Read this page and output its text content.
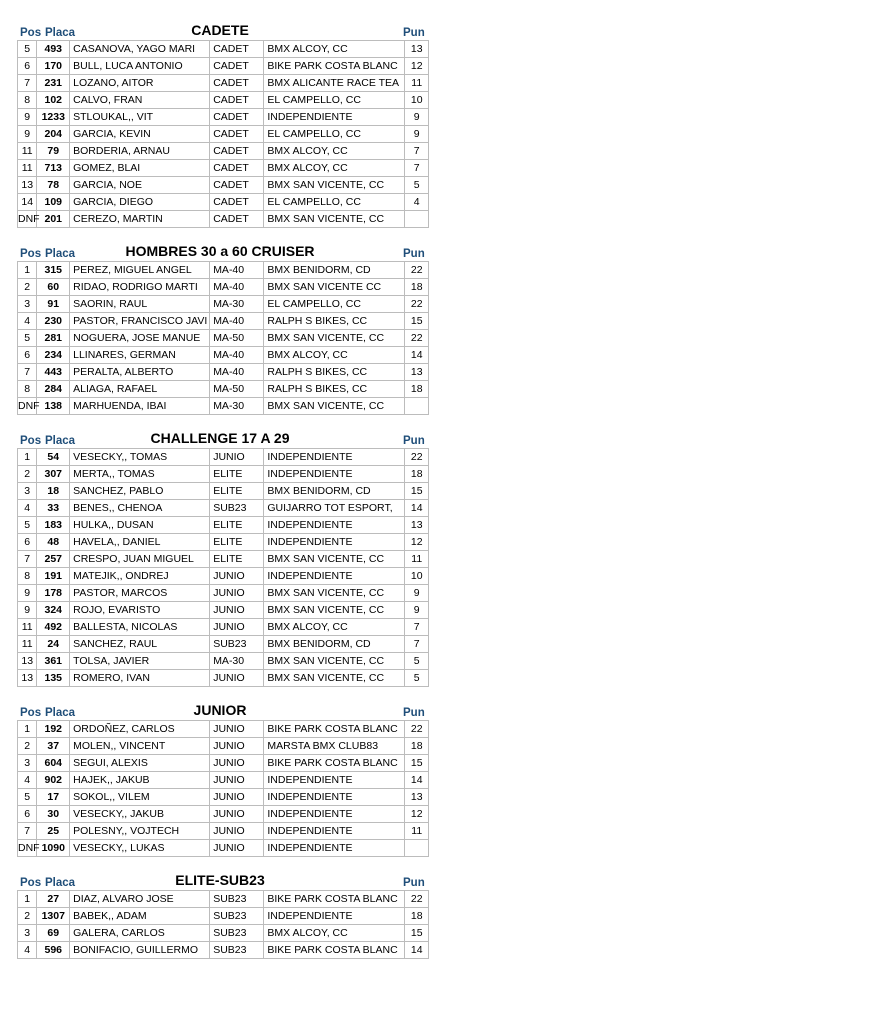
CADETE
Pos Placa	Pun
5	493	CASANOVA, YAGO MARI	CADET	BMX ALCOY, CC	13
6	170	BULL, LUCA ANTONIO	CADET	BIKE PARK COSTA BLANC	12
7	231	LOZANO, AITOR	CADET	BMX ALICANTE RACE TEA	11
8	102	CALVO, FRAN	CADET	EL CAMPELLO, CC	10
9	1233	STLOUKAL,, VIT	CADET	INDEPENDIENTE	9
9	204	GARCIA, KEVIN	CADET	EL CAMPELLO, CC	9
11	79	BORDERIA, ARNAU	CADET	BMX ALCOY, CC	7
11	713	GOMEZ, BLAI	CADET	BMX ALCOY, CC	7
13	78	GARCIA, NOE	CADET	BMX SAN VICENTE, CC	5
14	109	GARCIA, DIEGO	CADET	EL CAMPELLO, CC	4
DNF	201	CEREZO, MARTIN	CADET	BMX SAN VICENTE, CC	
HOMBRES 30 a 60 CRUISER
Pos Placa	Pun
1	315	PEREZ, MIGUEL ANGEL	MA-40	BMX BENIDORM, CD	22
2	60	RIDAO, RODRIGO MARTI	MA-40	BMX SAN VICENTE CC	18
3	91	SAORIN, RAUL	MA-30	EL CAMPELLO, CC	22
4	230	PASTOR, FRANCISCO JAVI	MA-40	RALPH S BIKES, CC	15
5	281	NOGUERA, JOSE MANUE	MA-50	BMX SAN VICENTE, CC	22
6	234	LLINARES, GERMAN	MA-40	BMX ALCOY, CC	14
7	443	PERALTA, ALBERTO	MA-40	RALPH S BIKES, CC	13
8	284	ALIAGA, RAFAEL	MA-50	RALPH S BIKES, CC	18
DNF	138	MARHUENDA, IBAI	MA-30	BMX SAN VICENTE, CC	
CHALLENGE 17 A 29
Pos Placa	Pun
1	54	VESECKY,, TOMAS	JUNIO	INDEPENDIENTE	22
2	307	MERTA,, TOMAS	ELITE	INDEPENDIENTE	18
3	18	SANCHEZ, PABLO	ELITE	BMX BENIDORM, CD	15
4	33	BENES,, CHENOA	SUB23	GUIJARRO TOT ESPORT,	14
5	183	HULKA,, DUSAN	ELITE	INDEPENDIENTE	13
6	48	HAVELA,, DANIEL	ELITE	INDEPENDIENTE	12
7	257	CRESPO, JUAN MIGUEL	ELITE	BMX SAN VICENTE, CC	11
8	191	MATEJIK,, ONDREJ	JUNIO	INDEPENDIENTE	10
9	178	PASTOR, MARCOS	JUNIO	BMX SAN VICENTE, CC	9
9	324	ROJO, EVARISTO	JUNIO	BMX SAN VICENTE, CC	9
11	492	BALLESTA, NICOLAS	JUNIO	BMX ALCOY, CC	7
11	24	SANCHEZ, RAUL	SUB23	BMX BENIDORM, CD	7
13	361	TOLSA, JAVIER	MA-30	BMX SAN VICENTE, CC	5
13	135	ROMERO, IVAN	JUNIO	BMX SAN VICENTE, CC	5
JUNIOR
Pos Placa	Pun
1	192	ORDOÑEZ, CARLOS	JUNIO	BIKE PARK COSTA BLANC	22
2	37	MOLEN,, VINCENT	JUNIO	MARSTA BMX CLUB83	18
3	604	SEGUI, ALEXIS	JUNIO	BIKE PARK COSTA BLANC	15
4	902	HAJEK,, JAKUB	JUNIO	INDEPENDIENTE	14
5	17	SOKOL,, VILEM	JUNIO	INDEPENDIENTE	13
6	30	VESECKY,, JAKUB	JUNIO	INDEPENDIENTE	12
7	25	POLESNY,, VOJTECH	JUNIO	INDEPENDIENTE	11
DNF	1090	VESECKY,, LUKAS	JUNIO	INDEPENDIENTE	
ELITE-SUB23
Pos Placa	Pun
1	27	DIAZ, ALVARO JOSE	SUB23	BIKE PARK COSTA BLANC	22
2	1307	BABEK,, ADAM	SUB23	INDEPENDIENTE	18
3	69	GALERA, CARLOS	SUB23	BMX ALCOY, CC	15
4	596	BONIFACIO, GUILLERMO	SUB23	BIKE PARK COSTA BLANC	14
